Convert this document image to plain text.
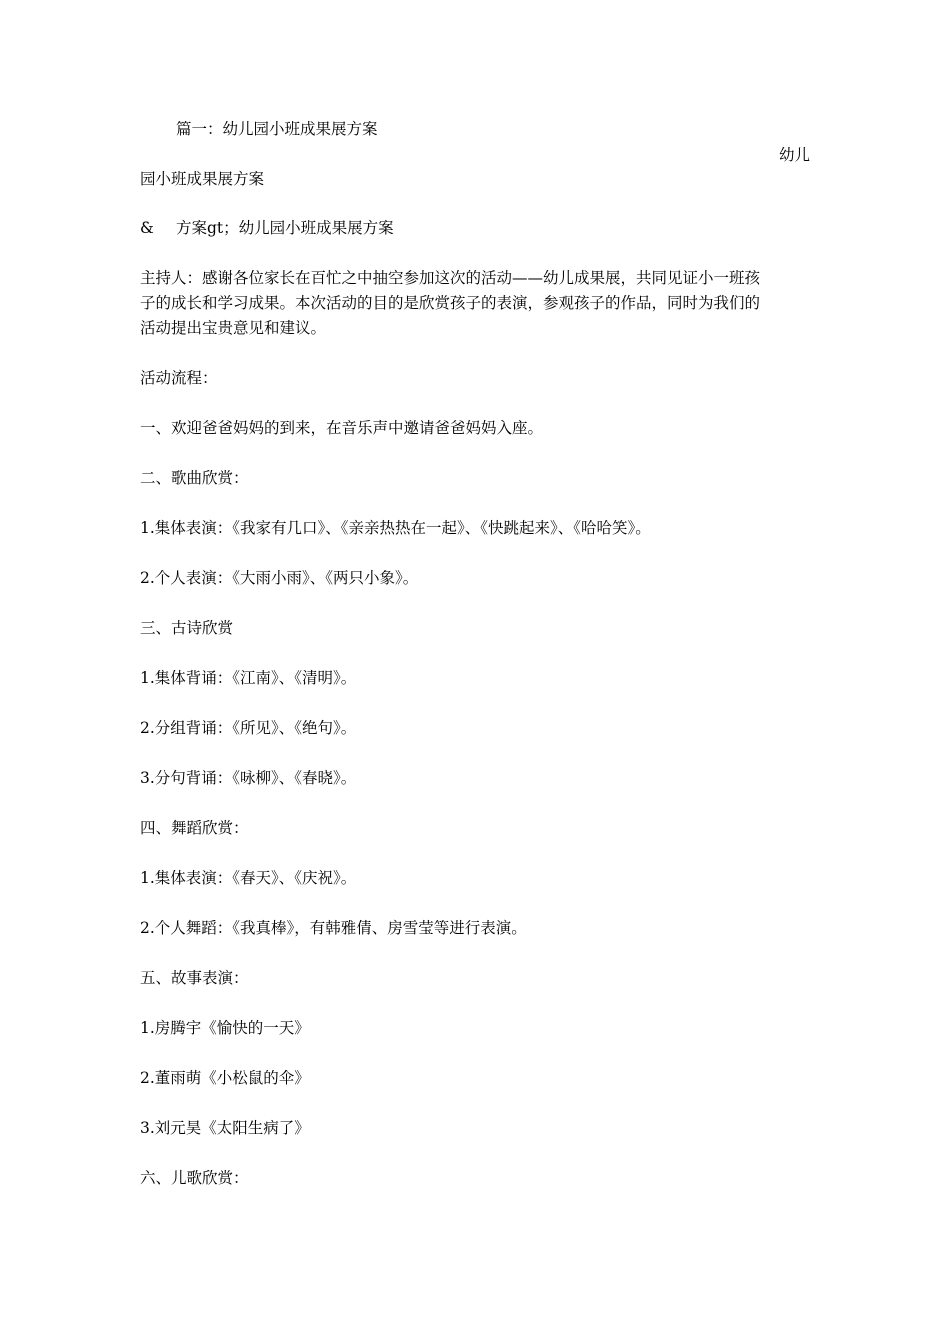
篇一：幼儿园小班成果展方案
幼儿
园小班成果展方案
& 方案gt；幼儿园小班成果展方案
主持人：感谢各位家长在百忙之中抽空参加这次的活动——幼儿成果展，共同见证小一班孩
子的成长和学习成果。本次活动的目的是欣赏孩子的表演，参观孩子的作品，同时为我们的
活动提出宝贵意见和建议。
活动流程：
一、欢迎爸爸妈妈的到来，在音乐声中邀请爸爸妈妈入座。
二、歌曲欣赏：
1.集体表演：《我家有几口》、《亲亲热热在一起》、《快跳起来》、《哈哈笑》。
2.个人表演：《大雨小雨》、《两只小象》。
三、古诗欣赏
1.集体背诵：《江南》、《清明》。
2.分组背诵：《所见》、《绝句》。
3.分句背诵：《咏柳》、《春晓》。
四、舞蹈欣赏：
1.集体表演：《春天》、《庆祝》。
2.个人舞蹈：《我真棒》，有韩雅倩、房雪莹等进行表演。
五、故事表演：
1.房腾宇《愉快的一天》
2.董雨萌《小松鼠的伞》
3.刘元昊《太阳生病了》
六、儿歌欣赏：
